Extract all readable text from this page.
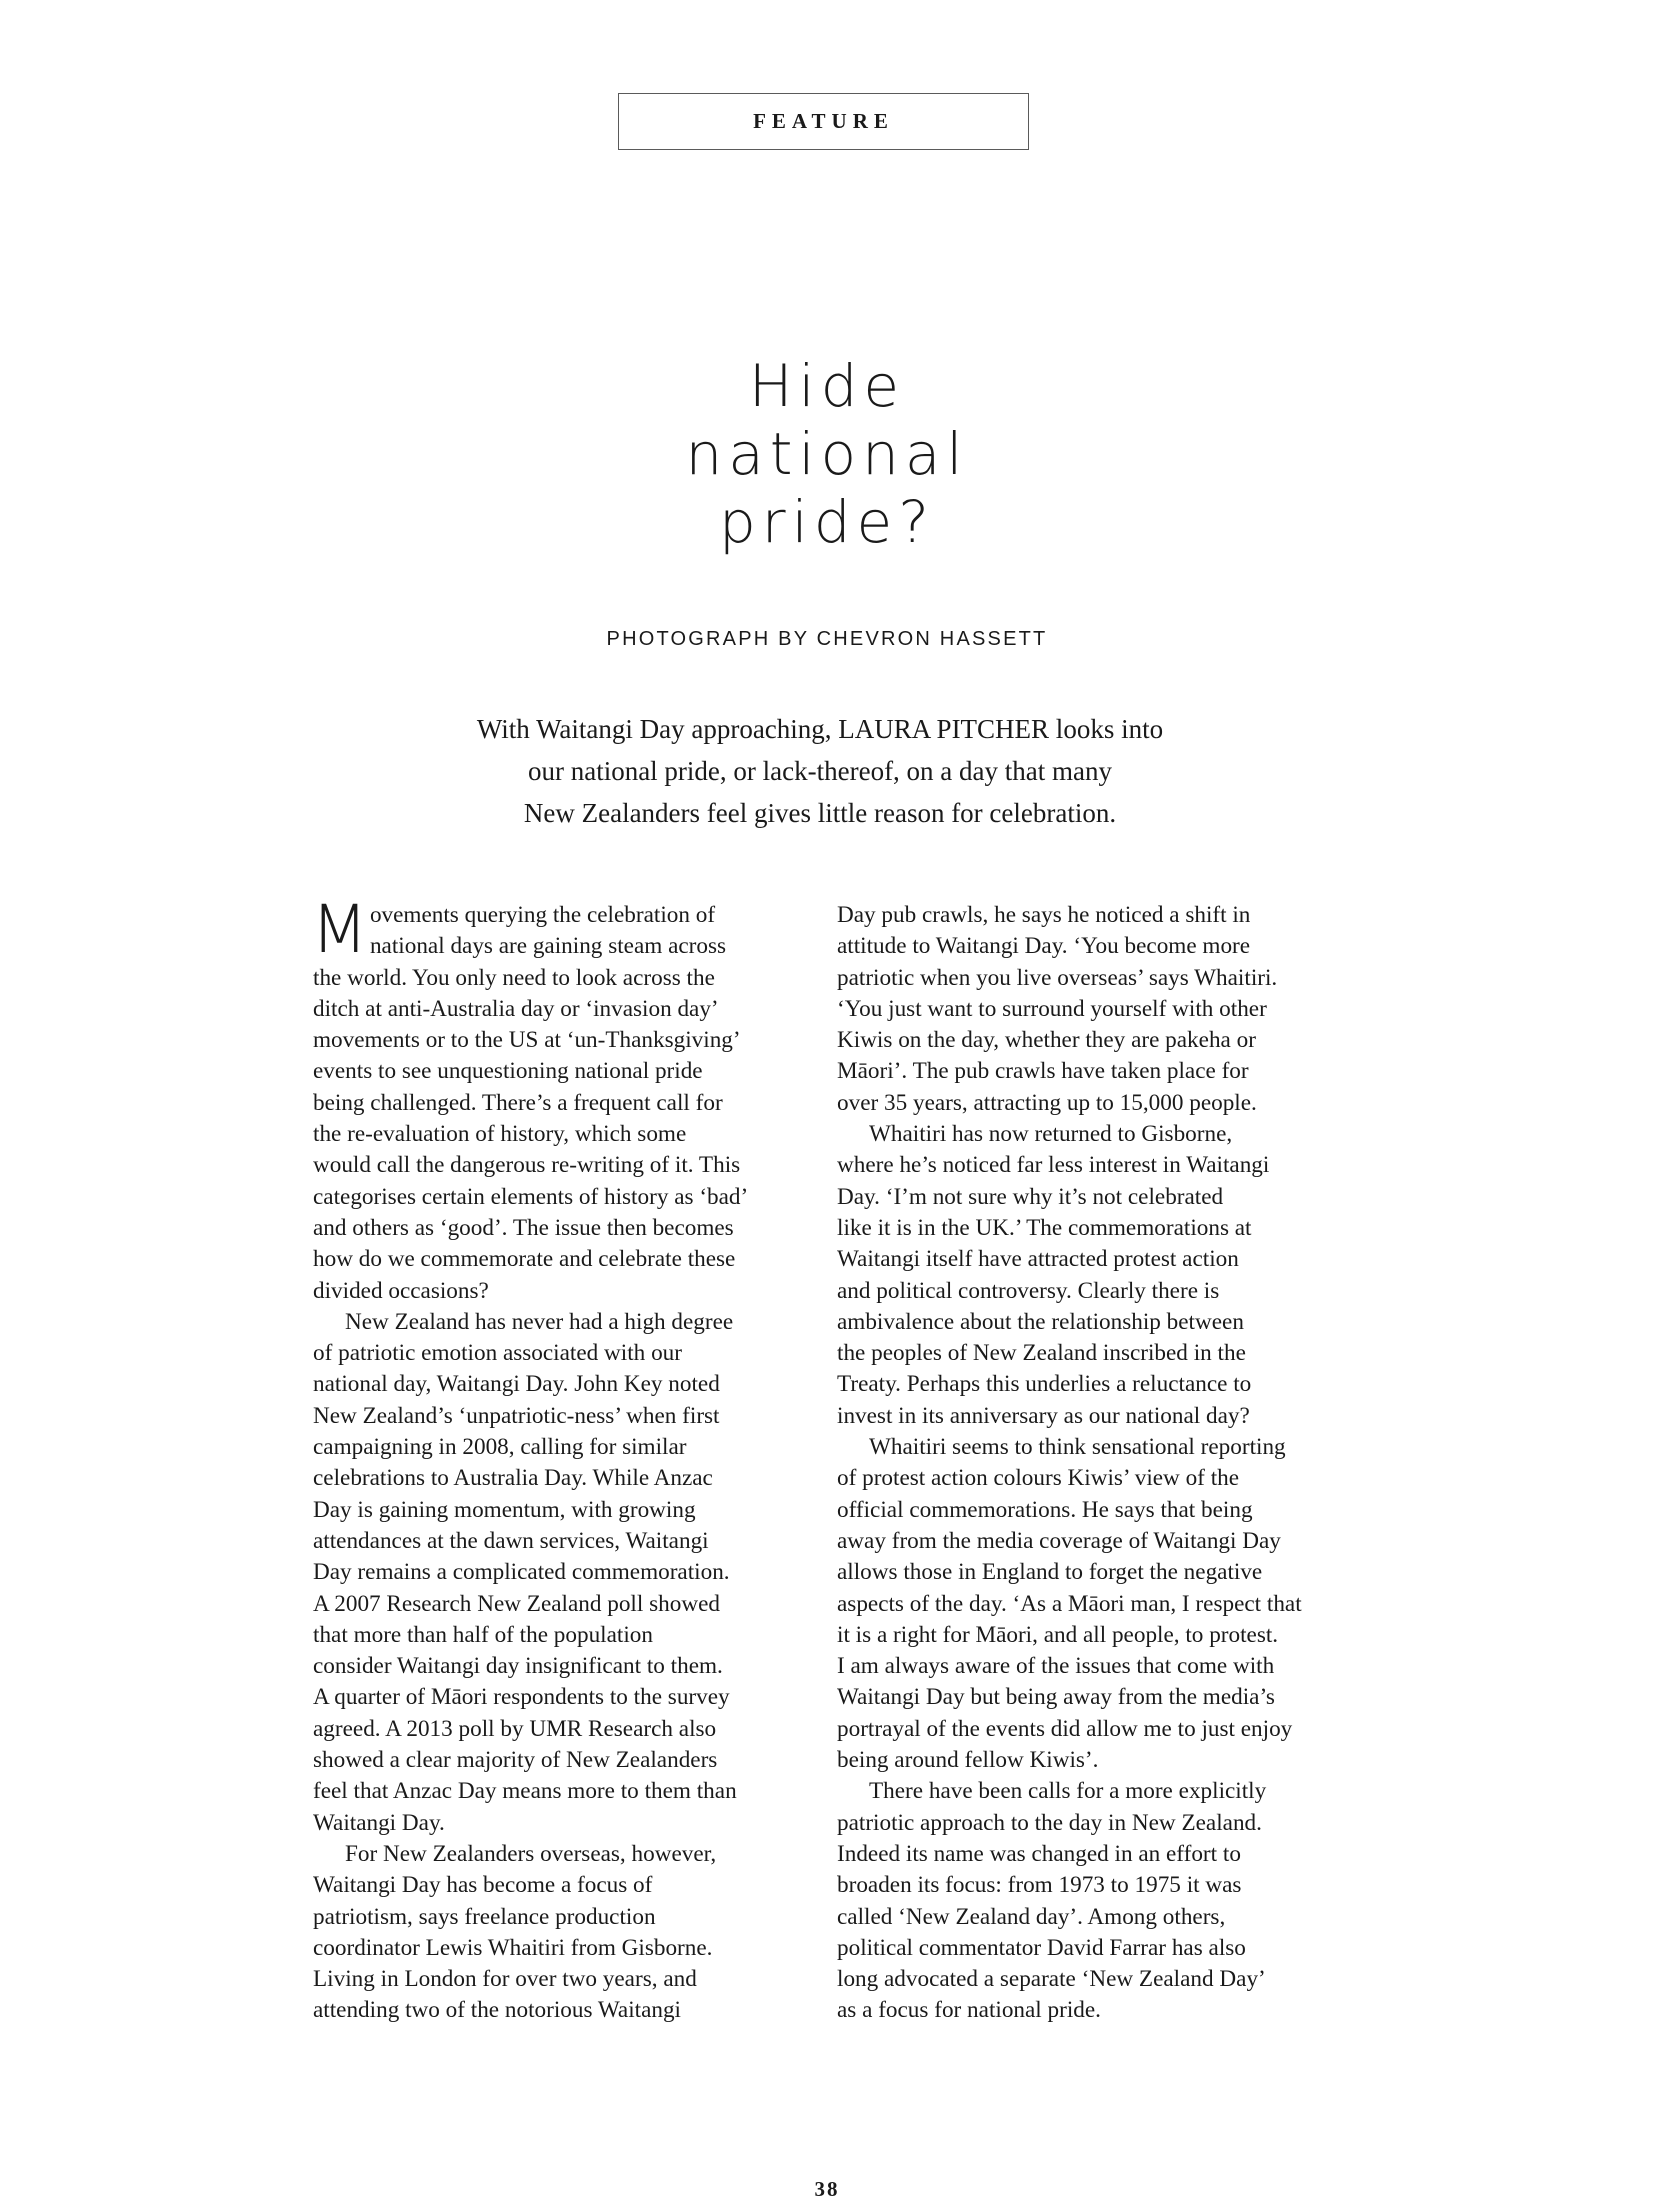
FEATURE
Hide
national
pride?
PHOTOGRAPH BY CHEVRON HASSETT
With Waitangi Day approaching, LAURA PITCHER looks into
our national pride, or lack-thereof, on a day that many
New Zealanders feel gives little reason for celebration.
M ovements querying the celebration of
national days are gaining steam across
the world. You only need to look across the
ditch at anti-Australia day or ‘invasion day’
movements or to the US at ‘un-Thanksgiving’
events to see unquestioning national pride
being challenged. There’s a frequent call for
the re-evaluation of history, which some
would call the dangerous re-writing of it. This
categorises certain elements of history as ‘bad’
and others as ‘good’. The issue then becomes
how do we commemorate and celebrate these
divided occasions?
New Zealand has never had a high degree
of patriotic emotion associated with our
national day, Waitangi Day. John Key noted
New Zealand’s ‘unpatriotic-ness’ when first
campaigning in 2008, calling for similar
celebrations to Australia Day. While Anzac
Day is gaining momentum, with growing
attendances at the dawn services, Waitangi
Day remains a complicated commemoration.
A 2007 Research New Zealand poll showed
that more than half of the population
consider Waitangi day insignificant to them.
A quarter of Māori respondents to the survey
agreed. A 2013 poll by UMR Research also
showed a clear majority of New Zealanders
feel that Anzac Day means more to them than
Waitangi Day.
For New Zealanders overseas, however,
Waitangi Day has become a focus of
patriotism, says freelance production
coordinator Lewis Whaitiri from Gisborne.
Living in London for over two years, and
attending two of the notorious Waitangi
Day pub crawls, he says he noticed a shift in
attitude to Waitangi Day. ‘You become more
patriotic when you live overseas’ says Whaitiri.
‘You just want to surround yourself with other
Kiwis on the day, whether they are pakeha or
Māori’. The pub crawls have taken place for
over 35 years, attracting up to 15,000 people.
Whaitiri has now returned to Gisborne,
where he’s noticed far less interest in Waitangi
Day. ‘I’m not sure why it’s not celebrated
like it is in the UK.’ The commemorations at
Waitangi itself have attracted protest action
and political controversy. Clearly there is
ambivalence about the relationship between
the peoples of New Zealand inscribed in the
Treaty. Perhaps this underlies a reluctance to
invest in its anniversary as our national day?
Whaitiri seems to think sensational reporting
of protest action colours Kiwis’ view of the
official commemorations. He says that being
away from the media coverage of Waitangi Day
allows those in England to forget the negative
aspects of the day. ‘As a Māori man, I respect that
it is a right for Māori, and all people, to protest.
I am always aware of the issues that come with
Waitangi Day but being away from the media’s
portrayal of the events did allow me to just enjoy
being around fellow Kiwis’.
There have been calls for a more explicitly
patriotic approach to the day in New Zealand.
Indeed its name was changed in an effort to
broaden its focus: from 1973 to 1975 it was
called ‘New Zealand day’. Among others,
political commentator David Farrar has also
long advocated a separate ‘New Zealand Day’
as a focus for national pride.
38
